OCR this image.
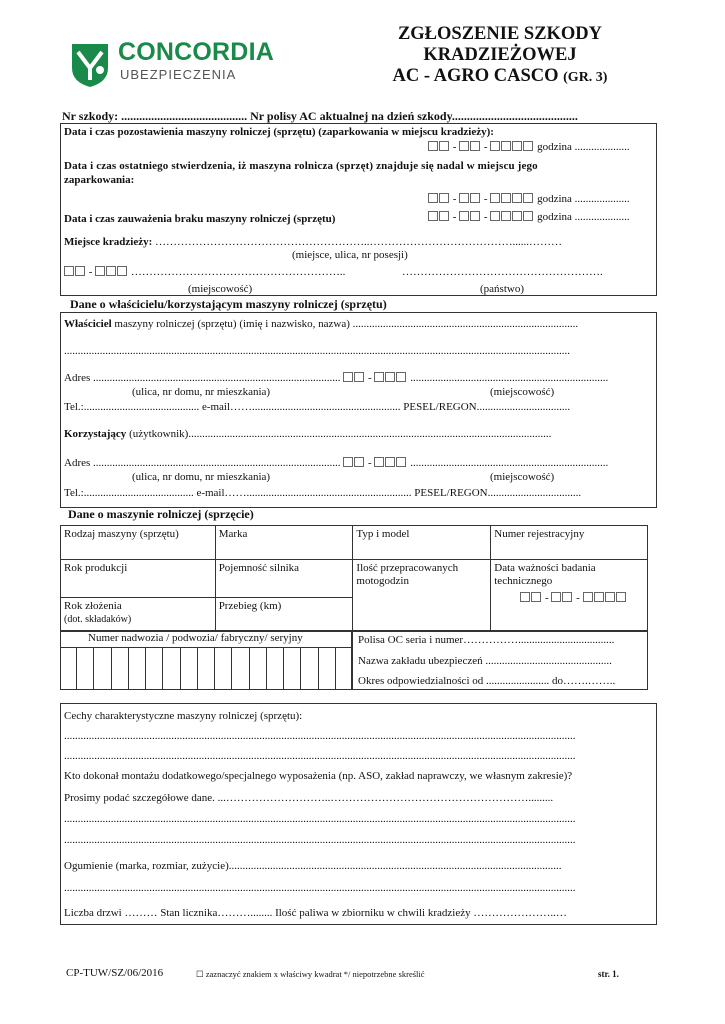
CONCORDIA
UBEZPIECZENIA
ZGŁOSZENIE SZKODY
KRADZIEŻOWEJ
AC - AGRO CASCO (GR. 3)
Nr szkody: .......................................... Nr polisy AC aktualnej na dzień szkody..........................................
Data i czas pozostawienia maszyny rolniczej (sprzętu) (zaparkowania w miejscu kradzieży):
-  -	godzina ....................
Data i czas ostatniego stwierdzenia, iż maszyna rolnicza (sprzęt) znajduje się nadal w miejscu jego
zaparkowania:
-  -	godzina ....................
Data i czas zauważenia braku maszyny rolniczej (sprzętu)	-  -	godzina ....................
Miejsce kradzieży: …………………………………………………..…………………………………......………
(miejsce, ulica, nr posesji)
-	…………………………………………………..	……………………………………………….
(miejscowość)	(państwo)
Dane o właścicielu/korzystającym maszyny rolniczej (sprzętu)
Właściciel maszyny rolniczej (sprzętu) (imię i nazwisko, nazwa) ..................................................................................
........................................................................................................................................................................................
Adres ..........................................................................................  -	........................................................................
(ulica, nr domu, nr mieszkania)	(miejscowość)
Tel.:.......................................... e-mail……...................................................... PESEL/REGON..................................
Korzystający (użytkownik)....................................................................................................................................
Adres ..........................................................................................  -	........................................................................
(ulica, nr domu, nr mieszkania)	(miejscowość)
Tel.:........................................ e-mail……............................................................ PESEL/REGON..................................
Dane o maszynie rolniczej (sprzęcie)
Rodzaj maszyny (sprzętu)	Marka	Typ i model	Numer rejestracyjny
Rok produkcji	Pojemność silnika	Ilość przepracowanych motogodzin	Data ważności badania technicznego
-  -

Rok złożenia
(dot. składaków)	Przebieg (km)		
Numer nadwozia / podwozia/ fabryczny/ seryjny	Polisa OC seria i numer……………...................................
Nazwa zakładu ubezpieczeń ..............................................
Okres odpowiedzialności od ....................... do…….……..
Cechy charakterystyczne maszyny rolniczej (sprzętu):
..........................................................................................................................................................................................
..........................................................................................................................................................................................
Kto dokonał montażu dodatkowego/specjalnego wyposażenia (np. ASO, zakład naprawczy, we własnym zakresie)?
Prosimy podać szczegółowe dane. ...………………………..……………………………………………….........
..........................................................................................................................................................................................
..........................................................................................................................................................................................
Ogumienie (marka, rozmiar, zużycie).........................................................................................................................
..........................................................................................................................................................................................
Liczba drzwi ……… Stan licznika………........ Ilość paliwa w zbiorniku w chwili kradzieży …………………..…
CP-TUW/SZ/06/2016	☐ zaznaczyć znakiem x właściwy kwadrat */ niepotrzebne skreślić	str. 1.
